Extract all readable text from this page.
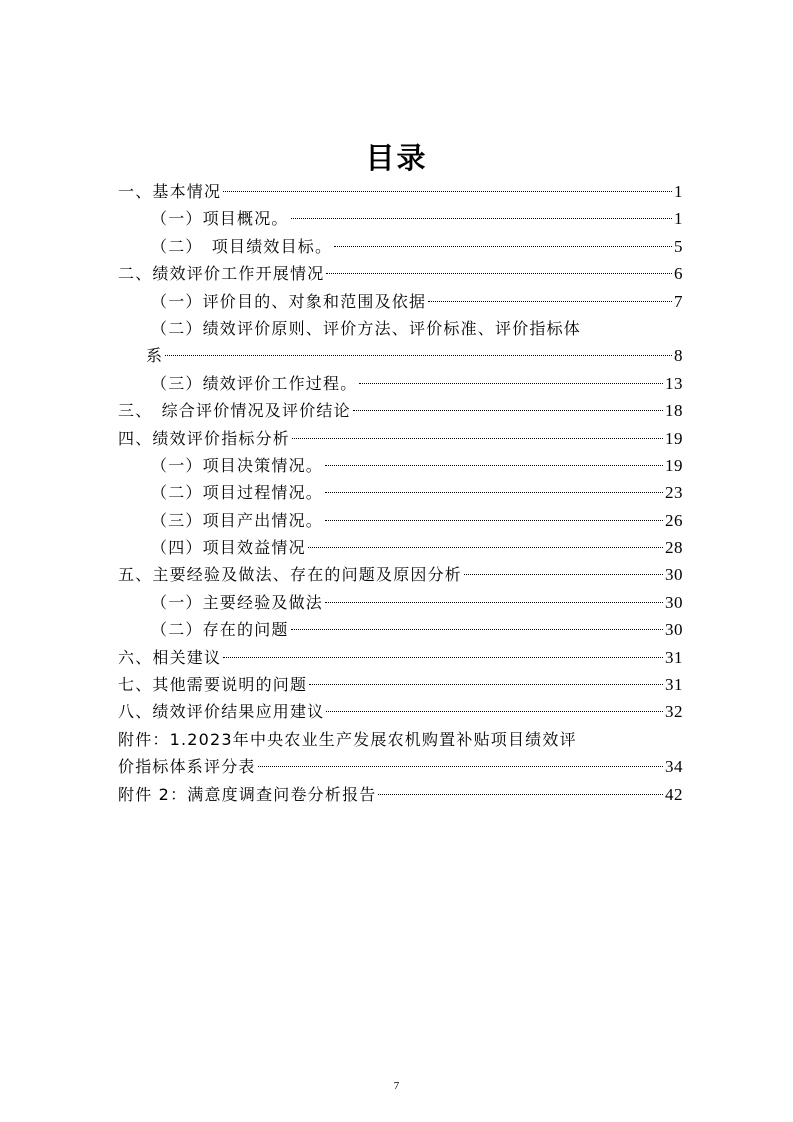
目录
一、基本情况	1
（一）项目概况。	1
（二）　项目绩效目标。	5
二、绩效评价工作开展情况	6
（一）评价目的、对象和范围及依据	7
（二）绩效评价原则、评价方法、评价标准、评价指标体
系	8
（三）绩效评价工作过程。	13
三、　综合评价情况及评价结论	18
四、绩效评价指标分析	19
（一）项目决策情况。	19
（二）项目过程情况。	23
（三）项目产出情况。	26
（四）项目效益情况	28
五、主要经验及做法、存在的问题及原因分析	30
（一）主要经验及做法	30
（二）存在的问题	30
六、相关建议	31
七、其他需要说明的问题	31
八、绩效评价结果应用建议	32
附件：1.2023年中央农业生产发展农机购置补贴项目绩效评
价指标体系评分表	34
附件 2：满意度调查问卷分析报告	42
7
